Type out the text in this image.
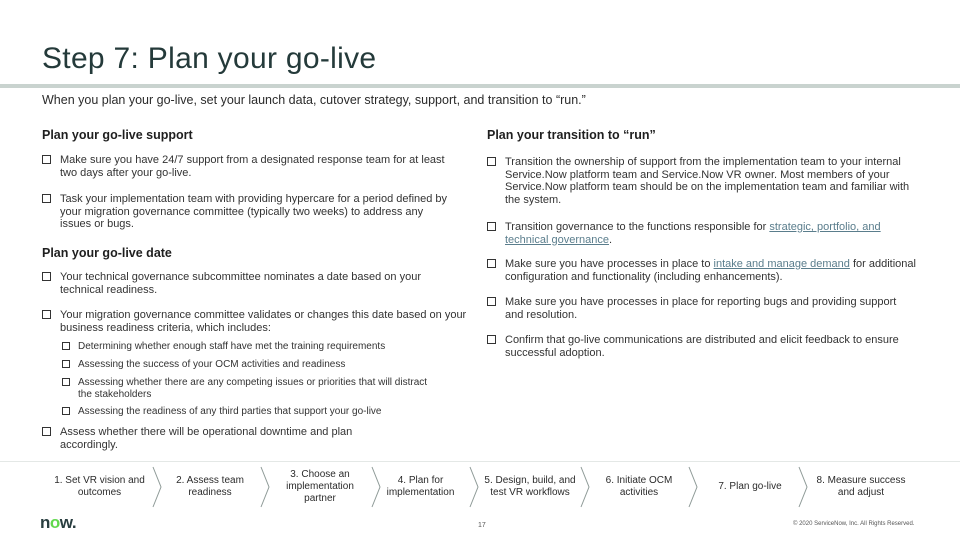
Step 7: Plan your go-live
When you plan your go-live, set your launch data, cutover strategy, support, and transition to “run.”
Plan your go-live support
Make sure you have 24/7 support from a designated response team for at least two days after your go-live.
Task your implementation team with providing hypercare for a period defined by your migration governance committee (typically two weeks) to address any issues or bugs.
Plan your go-live date
Your technical governance subcommittee nominates a date based on your technical readiness.
Your migration governance committee validates or changes this date based on your business readiness criteria, which includes:
Determining whether enough staff have met the training requirements
Assessing the success of your OCM activities and readiness
Assessing whether there are any competing issues or priorities that will distract the stakeholders
Assessing the readiness of any third parties that support your go-live
Assess whether there will be operational downtime and plan accordingly.
Plan your transition to “run”
Transition the ownership of support from the implementation team to your internal Service.Now platform team and Service.Now VR owner. Most members of your Service.Now platform team should be on the implementation team and familiar with the system.
Transition governance to the functions responsible for strategic, portfolio, and technical governance.
Make sure you have processes in place to intake and manage demand for additional configuration and functionality (including enhancements).
Make sure you have processes in place for reporting bugs and providing support and resolution.
Confirm that go-live communications are distributed and elicit feedback to ensure successful adoption.
1. Set VR vision and outcomes
2. Assess team readiness
3. Choose an implementation partner
4. Plan for implementation
5. Design, build, and test VR workflows
6. Initiate OCM activities
7. Plan go-live
8. Measure success and adjust
now.	17	© 2020 ServiceNow, Inc. All Rights Reserved.
